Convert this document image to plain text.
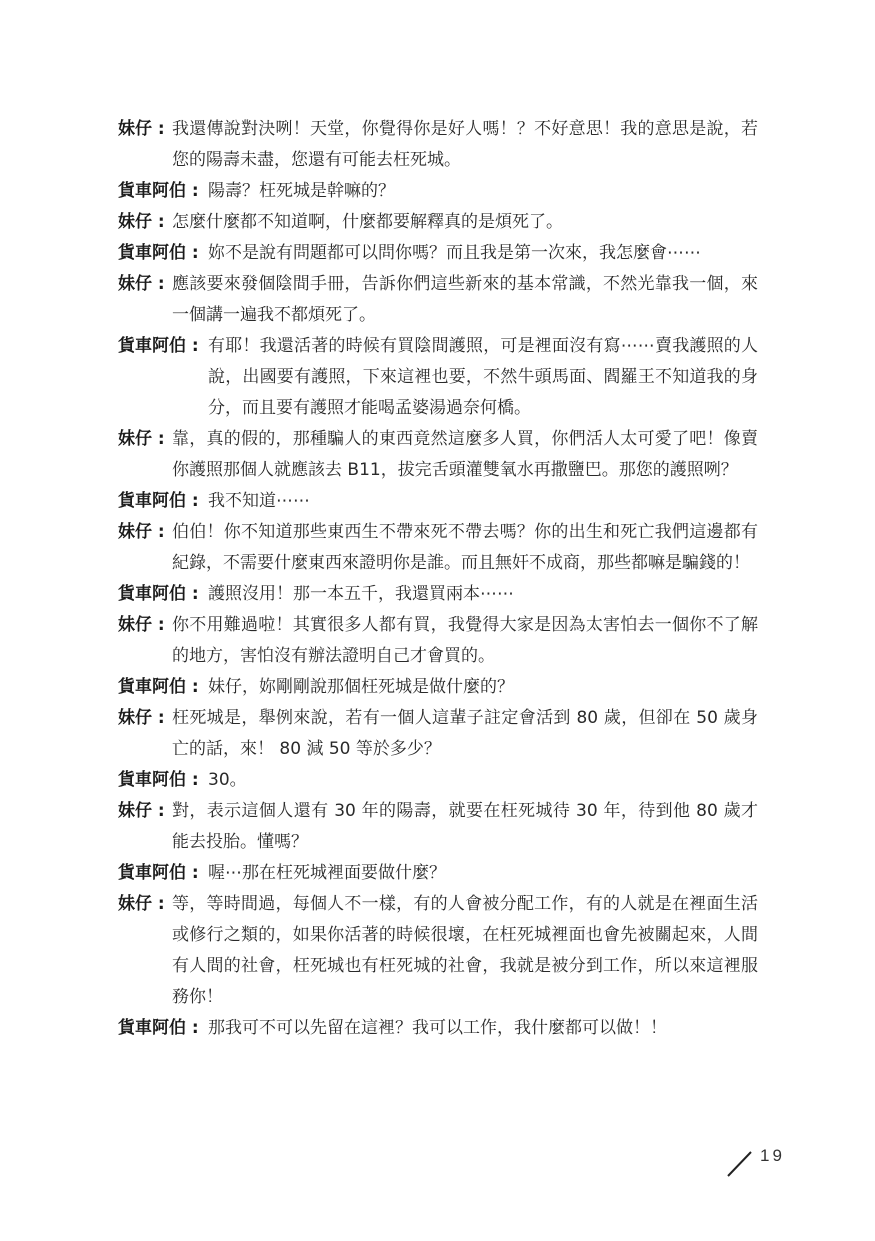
妹仔 : 我還傳說對決咧！天堂，你覺得你是好人嗎！？不好意思！我的意思是說，若您的陽壽未盡，您還有可能去枉死城。
貨車阿伯 : 陽壽？枉死城是幹嘛的？
妹仔 : 怎麼什麼都不知道啊，什麼都要解釋真的是煩死了。
貨車阿伯 : 妳不是說有問題都可以問你嗎？而且我是第一次來，我怎麼會⋯⋯
妹仔 : 應該要來發個陰間手冊，告訴你們這些新來的基本常識，不然光靠我一個，來一個講一遍我不都煩死了。
貨車阿伯 : 有耶！我還活著的時候有買陰間護照，可是裡面沒有寫⋯⋯賣我護照的人說，出國要有護照，下來這裡也要，不然牛頭馬面、閻羅王不知道我的身分，而且要有護照才能喝孟婆湯過奈何橋。
妹仔 : 靠，真的假的，那種騙人的東西竟然這麼多人買，你們活人太可愛了吧！像賣你護照那個人就應該去 B11，拔完舌頭灌雙氧水再撒鹽巴。那您的護照咧？
貨車阿伯 : 我不知道⋯⋯
妹仔 : 伯伯！你不知道那些東西生不帶來死不帶去嗎？你的出生和死亡我們這邊都有紀錄，不需要什麼東西來證明你是誰。而且無奸不成商，那些都嘛是騙錢的！
貨車阿伯 : 護照沒用！那一本五千，我還買兩本⋯⋯
妹仔 : 你不用難過啦！其實很多人都有買，我覺得大家是因為太害怕去一個你不了解的地方，害怕沒有辦法證明自己才會買的。
貨車阿伯 : 妹仔，妳剛剛說那個枉死城是做什麼的？
妹仔 : 枉死城是，舉例來說，若有一個人這輩子註定會活到 80 歲，但卻在 50 歲身亡的話，來！ 80 減 50 等於多少？
貨車阿伯 : 30。
妹仔 : 對，表示這個人還有 30 年的陽壽，就要在枉死城待 30 年，待到他 80 歲才能去投胎。懂嗎？
貨車阿伯 : 喔⋯那在枉死城裡面要做什麼？
妹仔 : 等，等時間過，每個人不一樣，有的人會被分配工作，有的人就是在裡面生活或修行之類的，如果你活著的時候很壞，在枉死城裡面也會先被關起來，人間有人間的社會，枉死城也有枉死城的社會，我就是被分到工作，所以來這裡服務你！
貨車阿伯 : 那我可不可以先留在這裡？我可以工作，我什麼都可以做！！
19
